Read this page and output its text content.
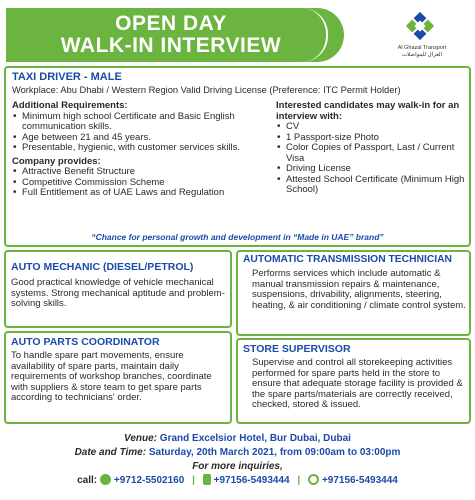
OPEN DAY
WALK-IN INTERVIEW	Al Ghazal Transport
الغزال للمواصلات
TAXI DRIVER - MALE
Workplace: Abu Dhabi / Western Region Valid Driving License (Preference: ITC Permit Holder)
Additional Requirements:
• Minimum high school Certificate and Basic English communication skills.
• Age between 21 and 45 years.
• Presentable, hygienic, with customer services skills.
Company provides:
• Attractive Benefit Structure
• Competitive Commission Scheme
• Full Entitlement as of UAE Laws and Regulation
Interested candidates may walk-in for an interview with:
• CV
• 1 Passport-size Photo
• Color Copies of Passport, Last / Current Visa
• Driving License
• Attested School Certificate (Minimum High School)
“Chance for personal growth and development in “Made in UAE” brand”
AUTO MECHANIC (DIESEL/PETROL)
Good practical knowledge of vehicle mechanical systems. Strong mechanical aptitude and problem-solving skills.
AUTO PARTS COORDINATOR
To handle spare part movements, ensure availability of spare parts, maintain daily requirements of workshop branches, coordinate with suppliers & store team to get spare parts according to technicians' order.
AUTOMATIC TRANSMISSION TECHNICIAN
Performs services which include automatic & manual transmission repairs & maintenance, suspensions, drivability, alignments, steering, heating, & air conditioning / climate control system.
STORE SUPERVISOR
Supervise and control all storekeeping activities performed for spare parts held in the store to ensure that adequate storage facility is provided & the spare parts/materials are correctly received, checked, stored & issued.
Venue: Grand Excelsior Hotel, Bur Dubai, Dubai
Date and Time: Saturday, 20th March 2021, from 09:00am to 03:00pm
For more inquiries,
call: +9712-5502160 | +97156-5493444 | +97156-5493444
